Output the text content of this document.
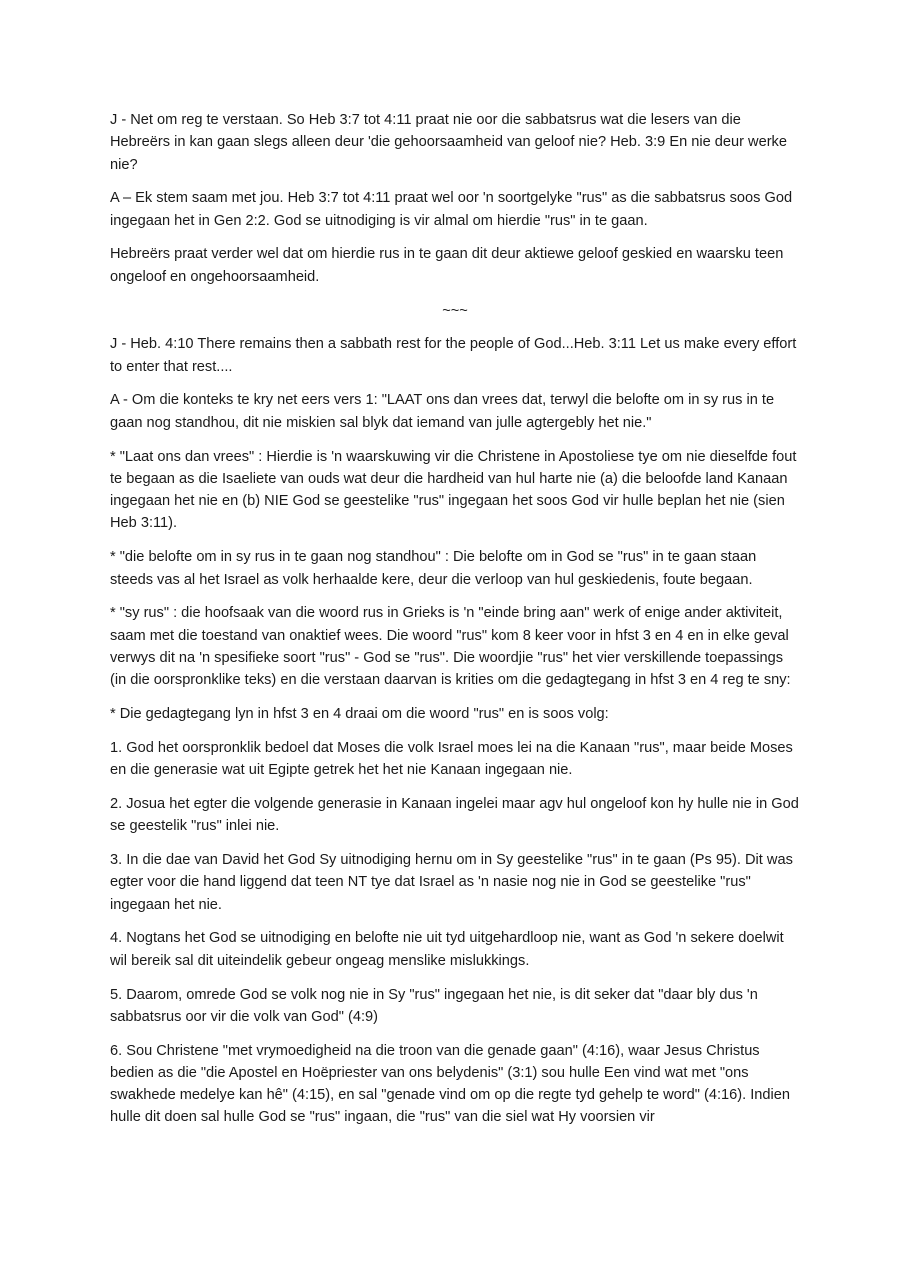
J - Net om reg te verstaan. So Heb 3:7 tot 4:11 praat nie oor die sabbatsrus wat die lesers van die Hebreërs in kan gaan slegs alleen deur 'die gehoorsaamheid van geloof nie? Heb. 3:9 En nie deur werke nie?

A – Ek stem saam met jou. Heb 3:7 tot 4:11 praat wel oor 'n soortgelyke "rus" as die sabbatsrus soos God ingegaan het in Gen 2:2. God se uitnodiging is vir almal om hierdie "rus" in te gaan.

Hebreërs praat verder wel dat om hierdie rus in te gaan dit deur aktiewe geloof geskied en waarsku teen ongeloof en ongehoorsaamheid.

~~~

J - Heb. 4:10 There remains then a sabbath rest for the people of God...Heb. 3:11 Let us make every effort to enter that rest....

A - Om die konteks te kry net eers vers 1: "LAAT ons dan vrees dat, terwyl die belofte om in sy rus in te gaan nog standhou, dit nie miskien sal blyk dat iemand van julle agtergebly het nie."

* "Laat ons dan vrees" : Hierdie is 'n waarskuwing vir die Christene in Apostoliese tye om nie dieselfde fout te begaan as die Isaeliete van ouds wat deur die hardheid van hul harte nie (a) die beloofde land Kanaan ingegaan het nie en (b) NIE God se geestelike "rus" ingegaan het soos God vir hulle beplan het nie (sien Heb 3:11).

* "die belofte om in sy rus in te gaan nog standhou" : Die belofte om in God se "rus" in te gaan staan steeds vas al het Israel as volk herhaalde kere, deur die verloop van hul geskiedenis, foute begaan.

* "sy rus" : die hoofsaak van die woord rus in Grieks is 'n "einde bring aan" werk of enige ander aktiviteit, saam met die toestand van onaktief wees. Die woord "rus" kom 8 keer voor in hfst 3 en 4 en in elke geval verwys dit na 'n spesifieke soort "rus" - God se "rus". Die woordjie "rus" het vier verskillende toepassings (in die oorspronklike teks) en die verstaan daarvan is krities om die gedagtegang in hfst 3 en 4 reg te sny:

* Die gedagtegang lyn in hfst 3 en 4 draai om die woord "rus" en is soos volg:

1. God het oorspronklik bedoel dat Moses die volk Israel moes lei na die Kanaan "rus", maar beide Moses en die generasie wat uit Egipte getrek het het nie Kanaan ingegaan nie.

2. Josua het egter die volgende generasie in Kanaan ingelei maar agv hul ongeloof kon hy hulle nie in God se geestelik "rus" inlei nie.

3. In die dae van David het God Sy uitnodiging hernu om in Sy geestelike "rus" in te gaan (Ps 95). Dit was egter voor die hand liggend dat teen NT tye dat Israel as 'n nasie nog nie in God se geestelike "rus" ingegaan het nie.

4. Nogtans het God se uitnodiging en belofte nie uit tyd uitgehardloop nie, want as God 'n sekere doelwit wil bereik sal dit uiteindelik gebeur ongeag menslike mislukkings.

5. Daarom, omrede God se volk nog nie in Sy "rus" ingegaan het nie, is dit seker dat "daar bly dus 'n sabbatsrus oor vir die volk van God" (4:9)

6. Sou Christene "met vrymoedigheid na die troon van die genade gaan" (4:16), waar Jesus Christus bedien as die "die Apostel en Hoëpriester van ons belydenis" (3:1) sou hulle Een vind wat met "ons swakhede medelye kan hê" (4:15), en sal "genade vind om op die regte tyd gehelp te word" (4:16). Indien hulle dit doen sal hulle God se "rus" ingaan, die "rus" van die siel wat Hy voorsien vir
